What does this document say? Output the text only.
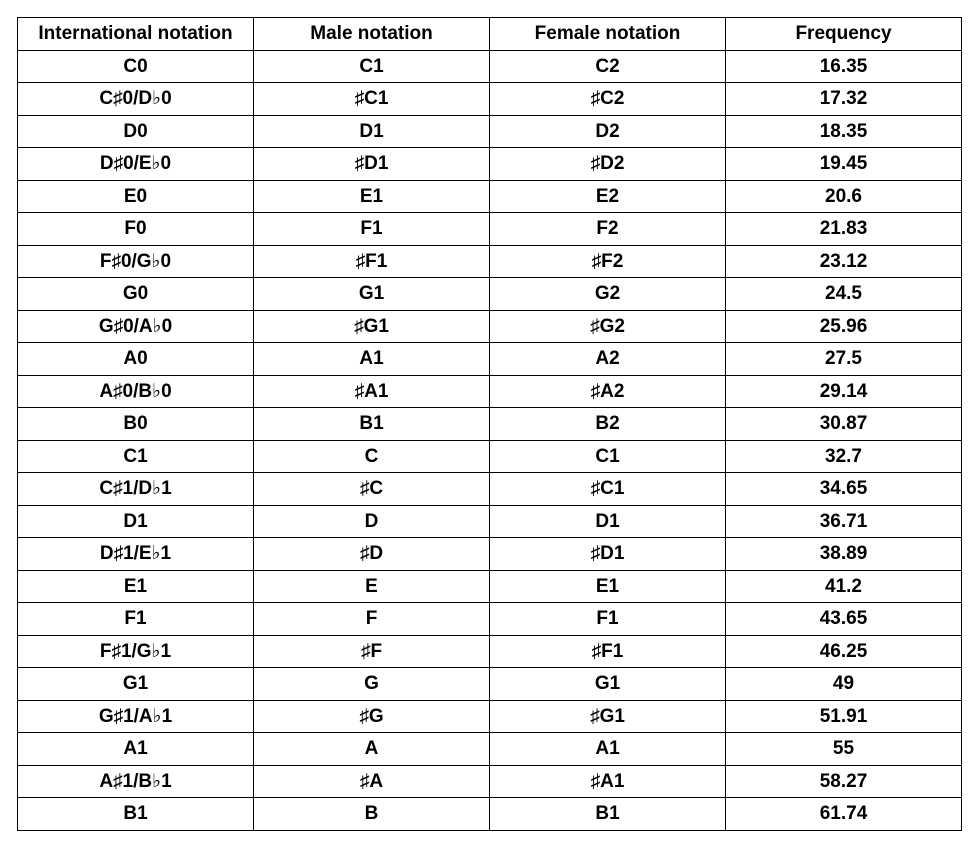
International notation	Male notation	Female notation	Frequency
C0	C1	C2	16.35
C♯0/D♭0	♯C1	♯C2	17.32
D0	D1	D2	18.35
D♯0/E♭0	♯D1	♯D2	19.45
E0	E1	E2	20.6
F0	F1	F2	21.83
F♯0/G♭0	♯F1	♯F2	23.12
G0	G1	G2	24.5
G♯0/A♭0	♯G1	♯G2	25.96
A0	A1	A2	27.5
A♯0/B♭0	♯A1	♯A2	29.14
B0	B1	B2	30.87
C1	C	C1	32.7
C♯1/D♭1	♯C	♯C1	34.65
D1	D	D1	36.71
D♯1/E♭1	♯D	♯D1	38.89
E1	E	E1	41.2
F1	F	F1	43.65
F♯1/G♭1	♯F	♯F1	46.25
G1	G	G1	49
G♯1/A♭1	♯G	♯G1	51.91
A1	A	A1	55
A♯1/B♭1	♯A	♯A1	58.27
B1	B	B1	61.74
